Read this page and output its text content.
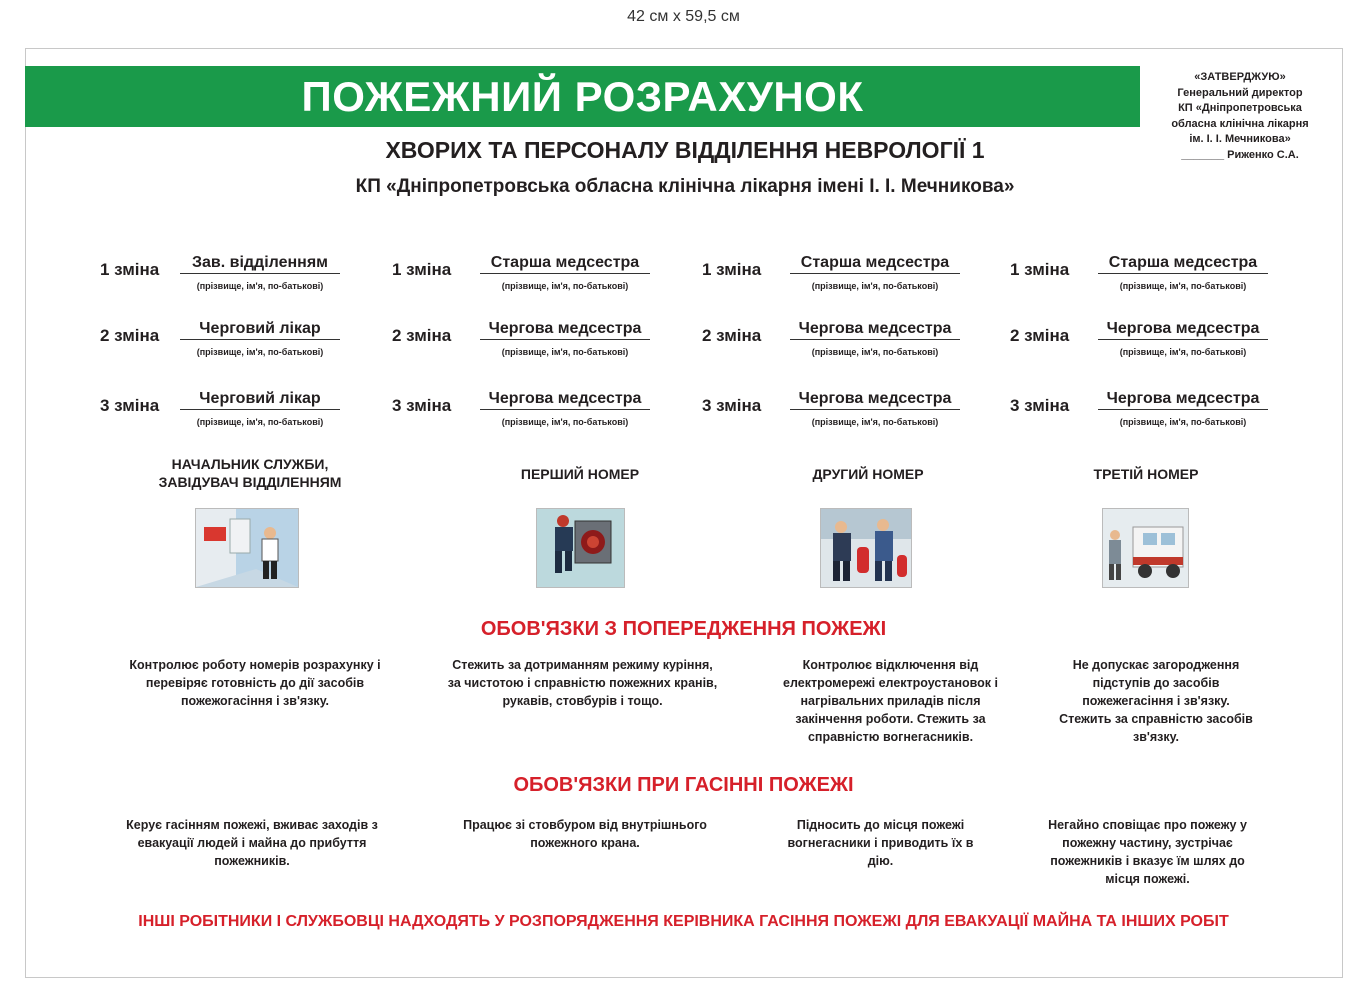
42 см х 59,5 см
ПОЖЕЖНИЙ РОЗРАХУНОК	«ЗАТВЕРДЖУЮ»
Генеральний директор
КП «Дніпропетровська
обласна клінічна лікарня
ім. І. І. Мечникова»
_______ Риженко С.А.
ХВОРИХ ТА ПЕРСОНАЛУ ВІДДІЛЕННЯ НЕВРОЛОГІЇ 1
КП «Дніпропетровська обласна клінічна лікарня імені І. І. Мечникова»
1 зміна	Зав. відділенням
(прізвище, ім'я, по-батькові)
2 зміна	Черговий лікар
(прізвище, ім'я, по-батькові)
3 зміна	Черговий лікар
(прізвище, ім'я, по-батькові)
1 зміна	Старша медсестра
(прізвище, ім'я, по-батькові)
2 зміна	Чергова медсестра
(прізвище, ім'я, по-батькові)
3 зміна	Чергова медсестра
(прізвище, ім'я, по-батькові)
1 зміна	Старша медсестра
(прізвище, ім'я, по-батькові)
2 зміна	Чергова медсестра
(прізвище, ім'я, по-батькові)
3 зміна	Чергова медсестра
(прізвище, ім'я, по-батькові)
1 зміна	Старша медсестра
(прізвище, ім'я, по-батькові)
2 зміна	Чергова медсестра
(прізвище, ім'я, по-батькові)
3 зміна	Чергова медсестра
(прізвище, ім'я, по-батькові)
НАЧАЛЬНИК СЛУЖБИ,
ЗАВІДУВАЧ ВІДДІЛЕННЯМ	ПЕРШИЙ НОМЕР	ДРУГИЙ НОМЕР	ТРЕТІЙ НОМЕР
ОБОВ'ЯЗКИ З ПОПЕРЕДЖЕННЯ ПОЖЕЖІ
Контролює роботу номерів розрахунку і перевіряє готовність до дії засобів пожежогасіння і зв'язку.
Стежить за дотриманням режиму куріння, за чистотою і справністю пожежних кранів, рукавів, стовбурів і тощо.
Контролює відключення від електромережі електроустановок і нагрівальних приладів після закінчення роботи. Стежить за справністю вогнегасників.
Не допускає загородження підступів до засобів пожежегасіння і зв'язку. Стежить за справністю засобів зв'язку.
ОБОВ'ЯЗКИ ПРИ ГАСІННІ ПОЖЕЖІ
Керує гасінням пожежі, вживає заходів з евакуації людей і майна до прибуття пожежників.
Працює зі стовбуром від внутрішнього пожежного крана.
Підносить до місця пожежі вогнегасники і приводить їх в дію.
Негайно сповіщає про пожежу у пожежну частину, зустрічає пожежників і вказує їм шлях до місця пожежі.
ІНШІ РОБІТНИКИ І СЛУЖБОВЦІ НАДХОДЯТЬ У РОЗПОРЯДЖЕННЯ КЕРІВНИКА ГАСІННЯ ПОЖЕЖІ ДЛЯ ЕВАКУАЦІЇ МАЙНА ТА ІНШИХ РОБІТ
